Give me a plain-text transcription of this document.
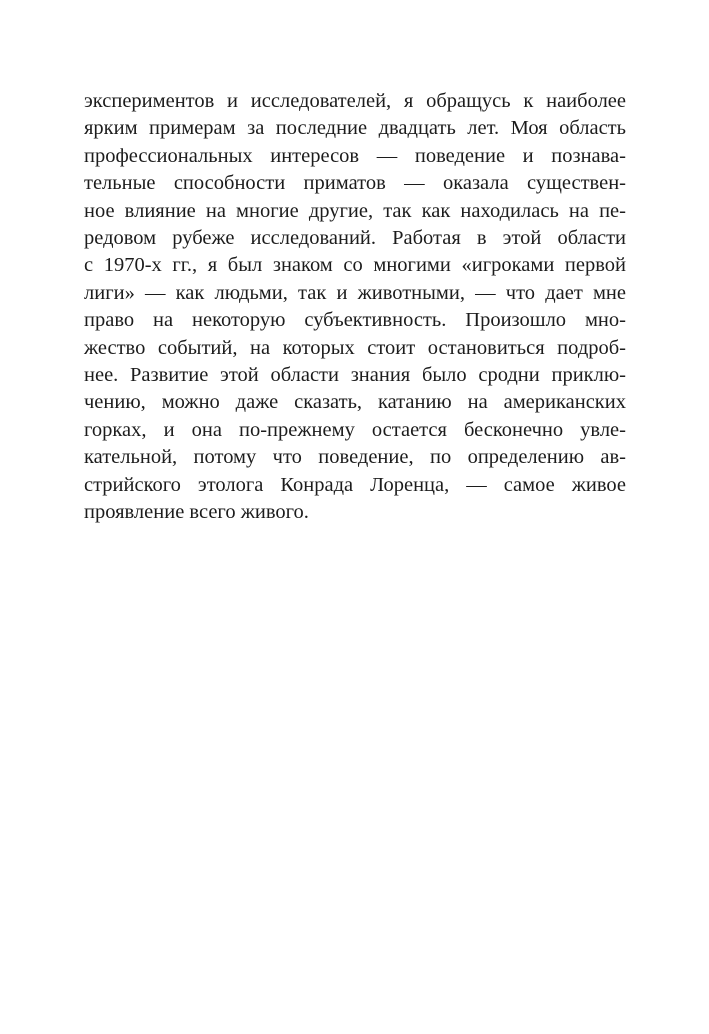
экспериментов и исследователей, я обращусь к наиболее
ярким примерам за последние двадцать лет. Моя область
профессиональных интересов — поведение и познава-
тельные способности приматов — оказала существен-
ное влияние на многие другие, так как находилась на пе-
редовом рубеже исследований. Работая в этой области
с 1970-х гг., я был знаком со многими «игроками первой
лиги» — как людьми, так и животными, — что дает мне
право на некоторую субъективность. Произошло мно-
жество событий, на которых стоит остановиться подроб-
нее. Развитие этой области знания было сродни приклю-
чению, можно даже сказать, катанию на американских
горках, и она по-прежнему остается бесконечно увле-
кательной, потому что поведение, по определению ав-
стрийского этолога Конрада Лоренца, — самое живое
проявление всего живого.
